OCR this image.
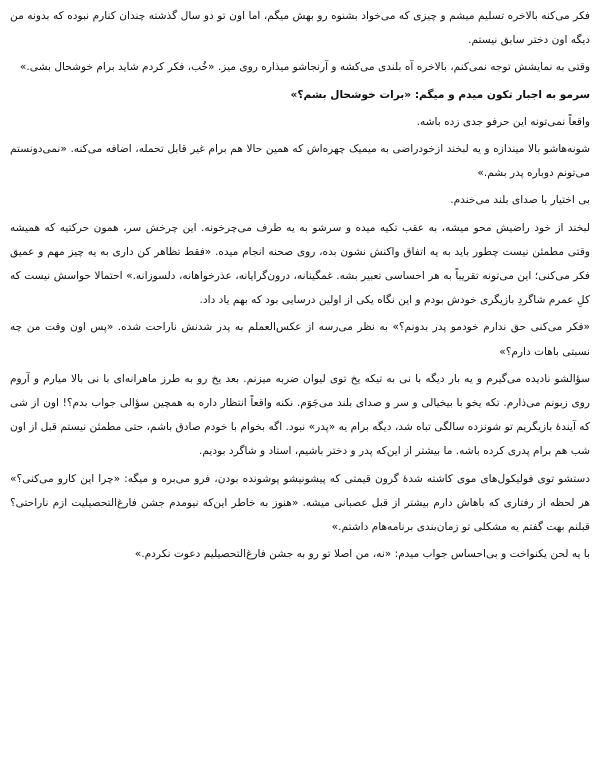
فکر می‌کنه بالاخره تسلیم میشم و چیزی که می‌خواد بشنوه رو بهش میگم، اما اون تو دو سال گذشته چندان کنارم نبوده که بدونه من دیگه اون دختر سابق نیستم.

وقتی به نمایشش توجه نمی‌کنم، بالاخره آه بلندی می‌کشه و آرنجاشو میذاره روی میز. «خُب، فکر کردم شاید برام خوشحال بشی.»

سرمو به اجبار تکون میدم و میگم: «برات خوشحال بشم؟»

واقعاً نمی‌تونه این حرفو جدی زده باشه.

شونه‌هاشو بالا میندازه و یه لبخند ازخودراضی به میمیک چهره‌اش که همین حالا هم برام غیر قابل تحمله، اضافه می‌کنه. «نمی‌دونستم می‌تونم دوباره پدر بشم.»

بی اختیار با صدای بلند می‌خندم.

لبخند از خود راضیش محو میشه، به عقب تکیه میده و سرشو به یه طرف می‌چرخونه. این چرخش سر، همون حرکتیه که همیشه وقتی مطمئن نیست چطور باید به یه اتفاق واکنش نشون بده، روی صحنه انجام میده. «فقط تظاهر کن داری به یه چیز مهم و عمیق فکر می‌کنی؛ این می‌تونه تقریباً به هر احساسی تعبیر بشه. غمگینانه، درون‌گرایانه، عذرخواهانه، دلسوزانه.» احتمالا حواسش نیست که کلِ عمرم شاگردِ بازیگری خودش بودم و این نگاه یکی از اولین درسایی بود که بهم یاد داد.

«فکر می‌کنی حق ندارم خودمو پدر بدونم؟» به نظر می‌رسه از عکس‌العملم به پدر شدنش ناراحت شده. «پس اون وقت من چه نسبتی باهات دارم؟»

سؤالشو نادیده می‌گیرم و یه بار دیگه با نی به تیکه یخ توی لیوان ضربه میزنم. بعد یخ رو به طرز ماهرانه‌ای با نی بالا میارم و آروم روی زبونم می‌ذارم. تکه یخو با بیخیالی و سر و صدای بلند می‌جَوَم. نکنه واقعاً انتظار داره به همچین سؤالی جواب بدم؟! اون از شی که آینده‌ٔ بازیگریم تو شونزده سالگی تباه شد، دیگه برام یه «پدر» نبود. اگه بخوام با خودم صادق باشم، حتی مطمئن نیستم قبل از اون شب هم برام پدری کرده باشه. ما بیشتر از این‌که پدر و دختر باشیم، استاد و شاگرد بودیم.

دستشو توی فولیکول‌های موی کاشته شده‌ٔ گرون قیمتی که پیشونیشو پوشونده بودن، فرو می‌بره و میگه: «چرا این کارو می‌کنی؟» هر لحظه از رفتاری که باهاش دارم بیشتر از قبل عصبانی میشه. «هنوز به خاطر این‌که نیومدم جشن فارغ‌التحصیلیت ازم ناراحتی؟ قبلنم بهت گفتم یه مشکلی تو زمان‌بندی برنامه‌هام داشتم.»

با یه لحن یکنواخت و بی‌احساس جواب میدم: «نه، من اصلا تو رو به جشن فارغ‌التحصیلیم دعوت نکردم.»
